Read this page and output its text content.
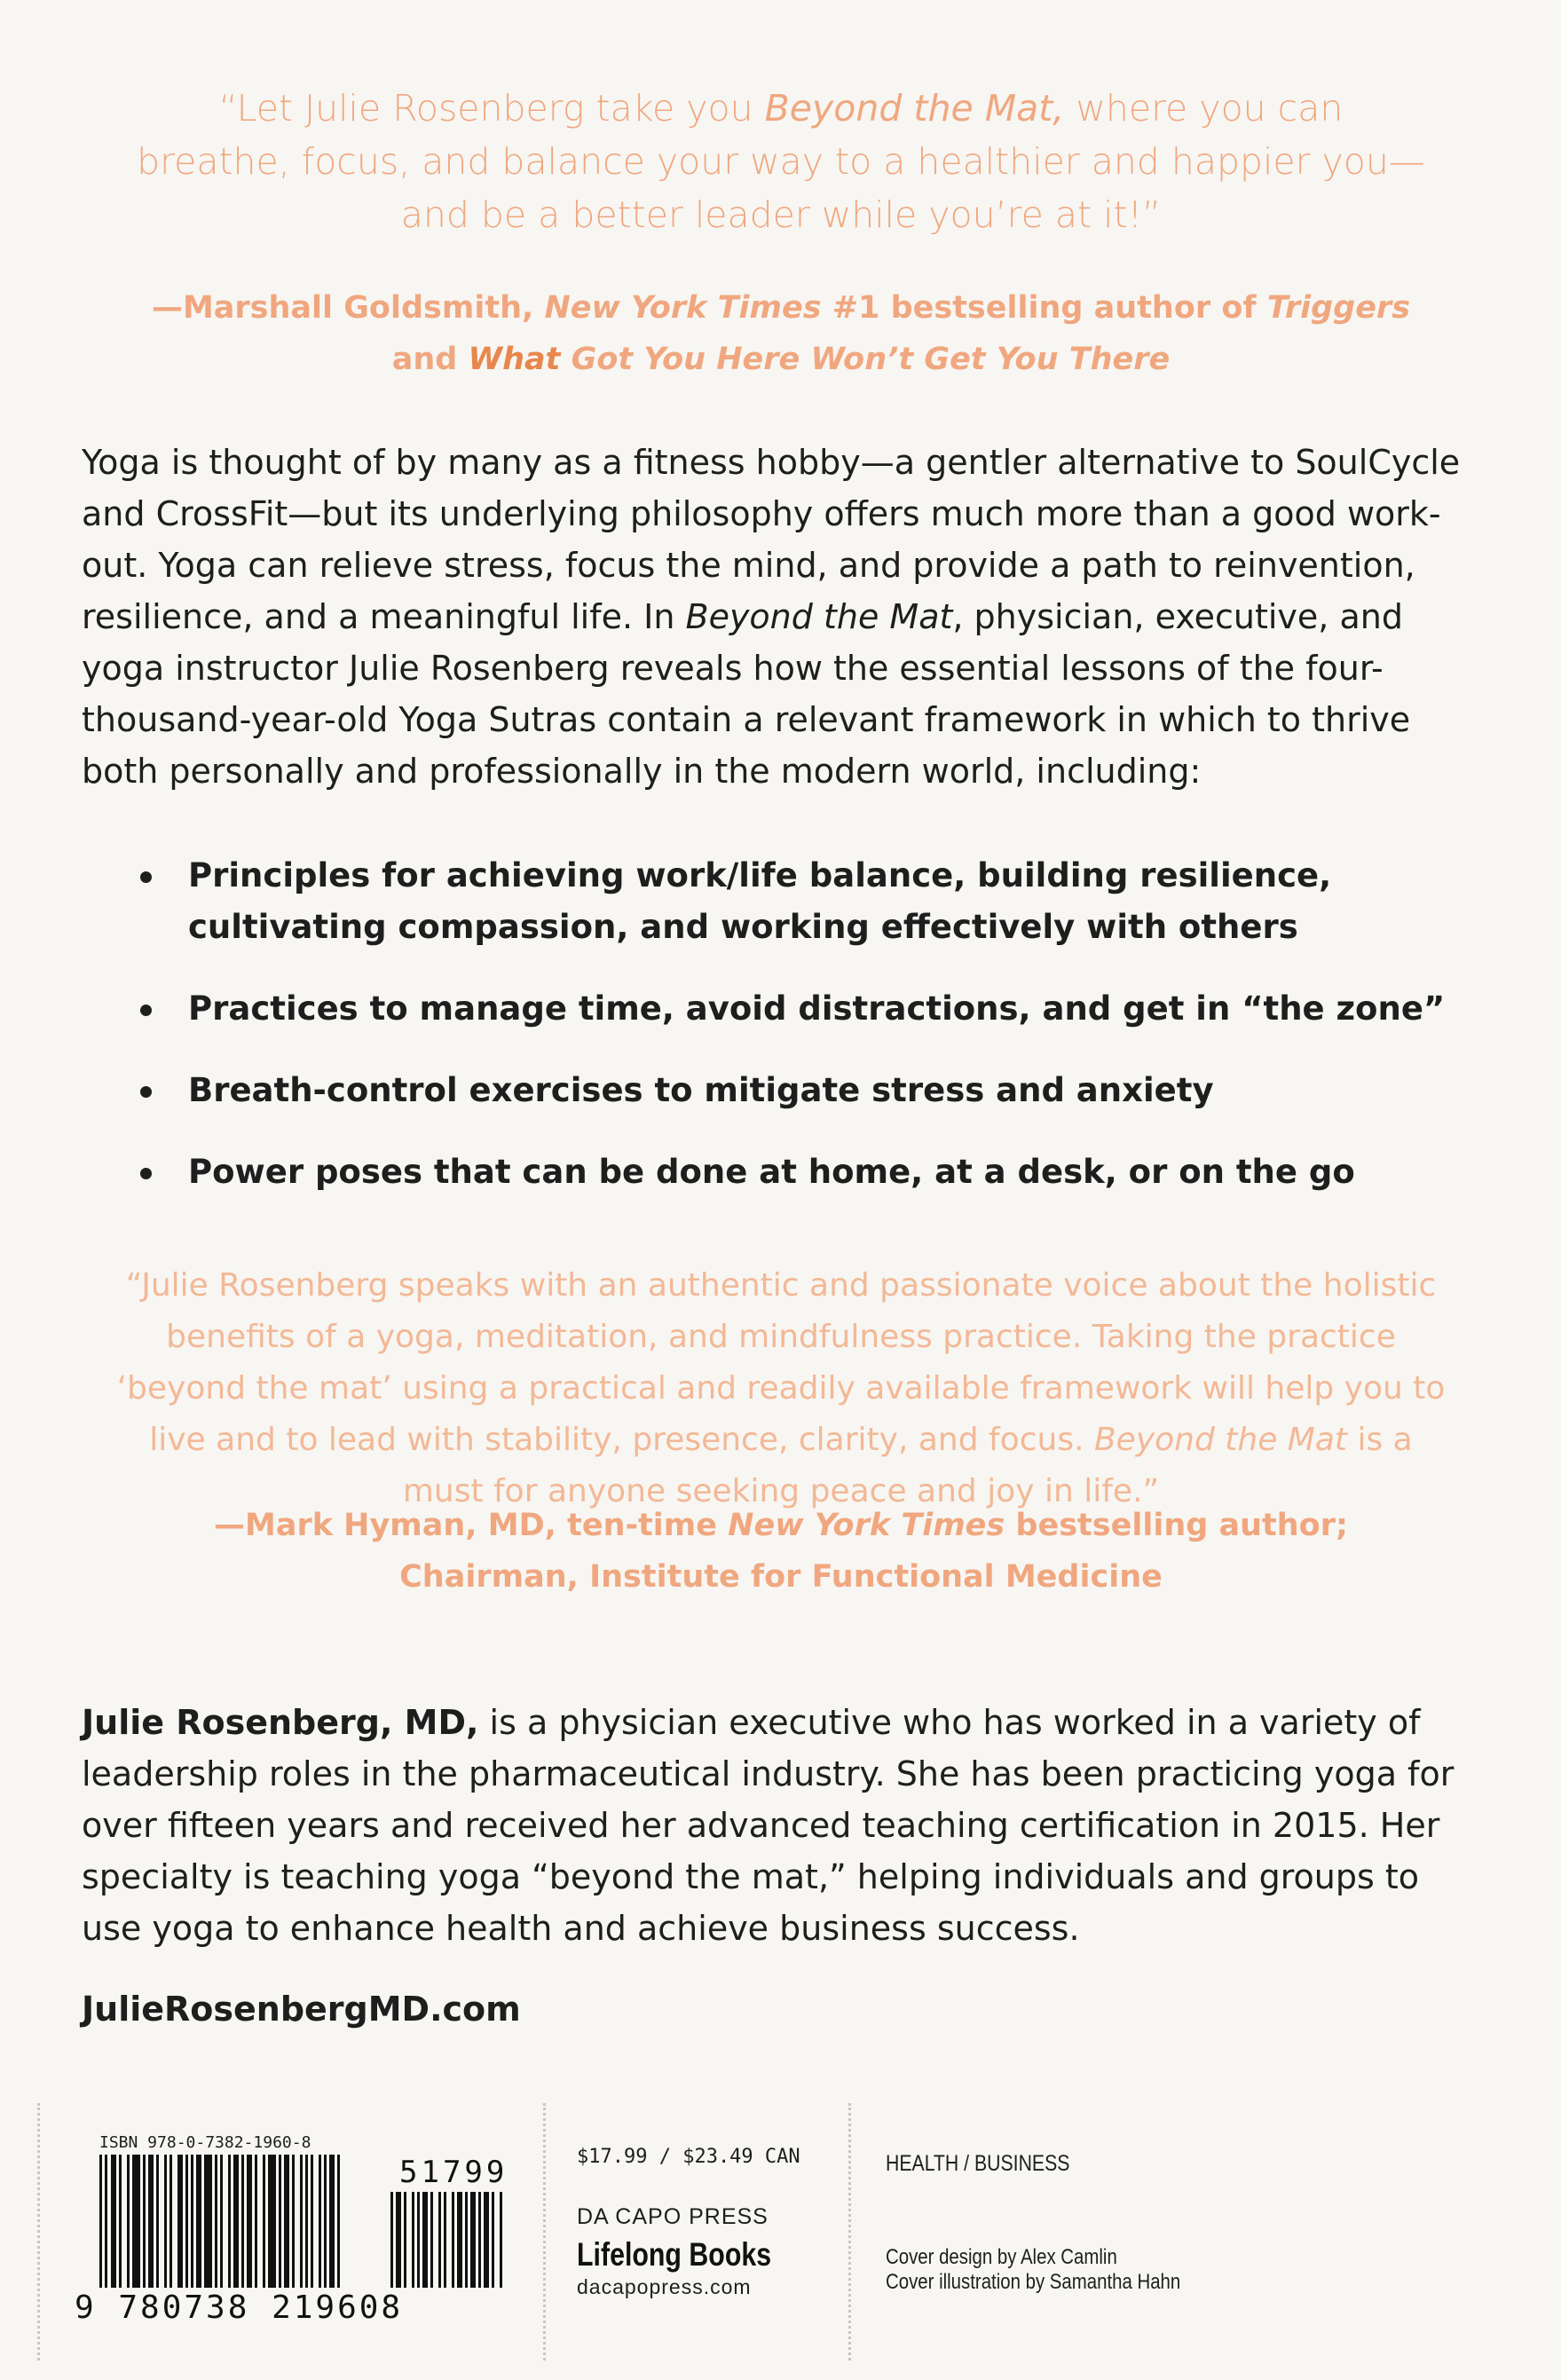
“Let Julie Rosenberg take you Beyond the Mat, where you can
breathe, focus, and balance your way to a healthier and happier you—
and be a better leader while you’re at it!”
—Marshall Goldsmith, New York Times #1 bestselling author of Triggers
and What Got You Here Won’t Get You There
Yoga is thought of by many as a fitness hobby—a gentler alternative to SoulCycle and CrossFit—but its underlying philosophy offers much more than a good work-out. Yoga can relieve stress, focus the mind, and provide a path to reinvention, resilience, and a meaningful life. In Beyond the Mat, physician, executive, and yoga instructor Julie Rosenberg reveals how the essential lessons of the four-thousand-year-old Yoga Sutras contain a relevant framework in which to thrive both personally and professionally in the modern world, including:
Principles for achieving work/life balance, building resilience, cultivating compassion, and working effectively with others
Practices to manage time, avoid distractions, and get in “the zone”
Breath-control exercises to mitigate stress and anxiety
Power poses that can be done at home, at a desk, or on the go
“Julie Rosenberg speaks with an authentic and passionate voice about the holistic benefits of a yoga, meditation, and mindfulness practice. Taking the practice ‘beyond the mat’ using a practical and readily available framework will help you to live and to lead with stability, presence, clarity, and focus. Beyond the Mat is a must for anyone seeking peace and joy in life.”
—Mark Hyman, MD, ten-time New York Times bestselling author;
Chairman, Institute for Functional Medicine
Julie Rosenberg, MD, is a physician executive who has worked in a variety of leadership roles in the pharmaceutical industry. She has been practicing yoga for over fifteen years and received her advanced teaching certification in 2015. Her specialty is teaching yoga “beyond the mat,” helping individuals and groups to use yoga to enhance health and achieve business success.
JulieRosenbergMD.com
ISBN 978-0-7382-1960-8
51799
9 780738 219608
$17.99 / $23.49 CAN
DA CAPO PRESS
Lifelong Books
dacapopress.com
HEALTH / BUSINESS
Cover design by Alex Camlin
Cover illustration by Samantha Hahn
